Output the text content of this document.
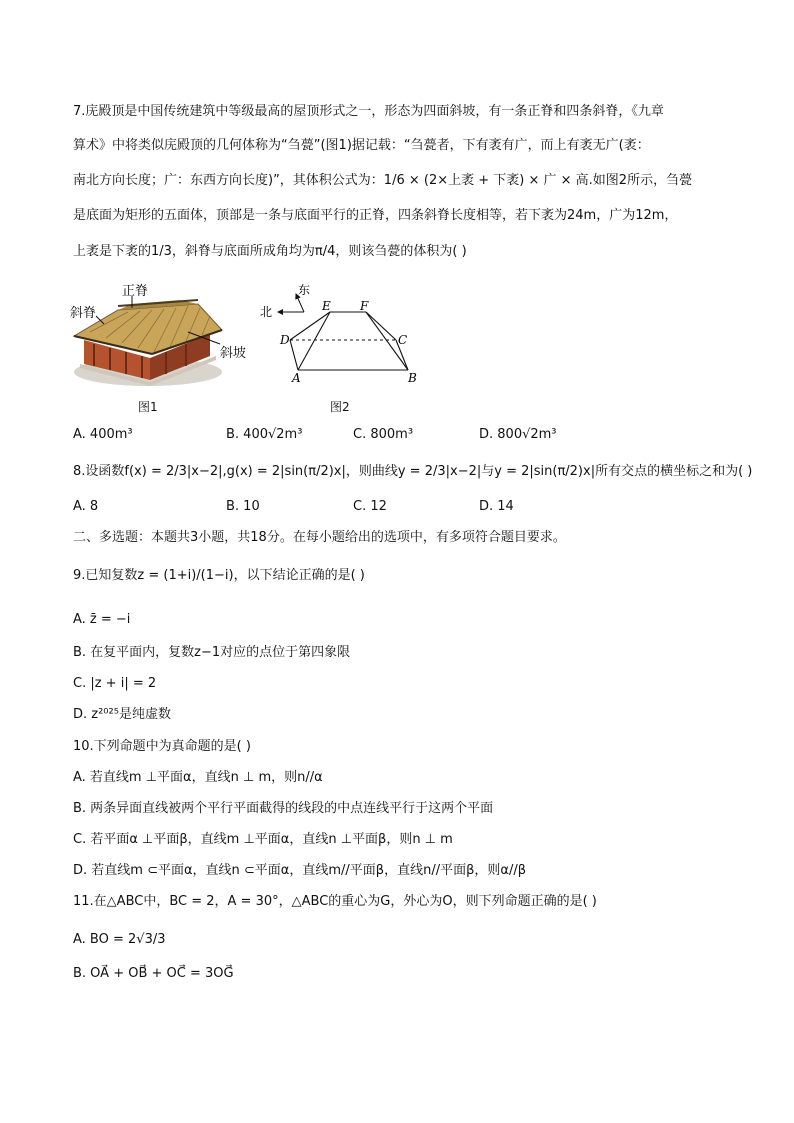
7.庑殿顶是中国传统建筑中等级最高的屋顶形式之一，形态为四面斜坡，有一条正脊和四条斜脊，《九章
算术》中将类似庑殿顶的几何体称为“刍甍”(图1)据记载：“刍甍者，下有袤有广，而上有袤无广(袤：
南北方向长度；广：东西方向长度)”，其体积公式为：1/6 × (2×上袤 + 下袤) × 广 × 高.如图2所示，刍甍
是底面为矩形的五面体，顶部是一条与底面平行的正脊，四条斜脊长度相等，若下袤为24m，广为12m，
上袤是下袤的1/3，斜脊与底面所成角均为π/4，则该刍甍的体积为( )
正脊
斜脊
斜坡
图1
E F
D	C
A	B
北
东
图2
A. 400m³	B. 400√2m³	C. 800m³	D. 800√2m³
8.设函数f(x) = 2/3|x−2|,g(x) = 2|sin(π/2)x|，则曲线y = 2/3|x−2|与y = 2|sin(π/2)x|所有交点的横坐标之和为( )
A. 8	B. 10	C. 12	D. 14
二、多选题：本题共3小题，共18分。在每小题给出的选项中，有多项符合题目要求。
9.已知复数z = (1+i)/(1−i)，以下结论正确的是( )
A. z̄ = −i
B. 在复平面内，复数z−1对应的点位于第四象限
C. |z + i| = 2
D. z²⁰²⁵是纯虚数
10.下列命题中为真命题的是( )
A. 若直线m ⊥平面α，直线n ⊥ m，则n//α
B. 两条异面直线被两个平行平面截得的线段的中点连线平行于这两个平面
C. 若平面α ⊥平面β，直线m ⊥平面α，直线n ⊥平面β，则n ⊥ m
D. 若直线m ⊂平面α，直线n ⊂平面α，直线m//平面β，直线n//平面β，则α//β
11.在△ABC中，BC = 2，A = 30°，△ABC的重心为G，外心为O，则下列命题正确的是( )
A. BO = 2√3/3
B. OA⃗ + OB⃗ + OC⃗ = 3OG⃗
